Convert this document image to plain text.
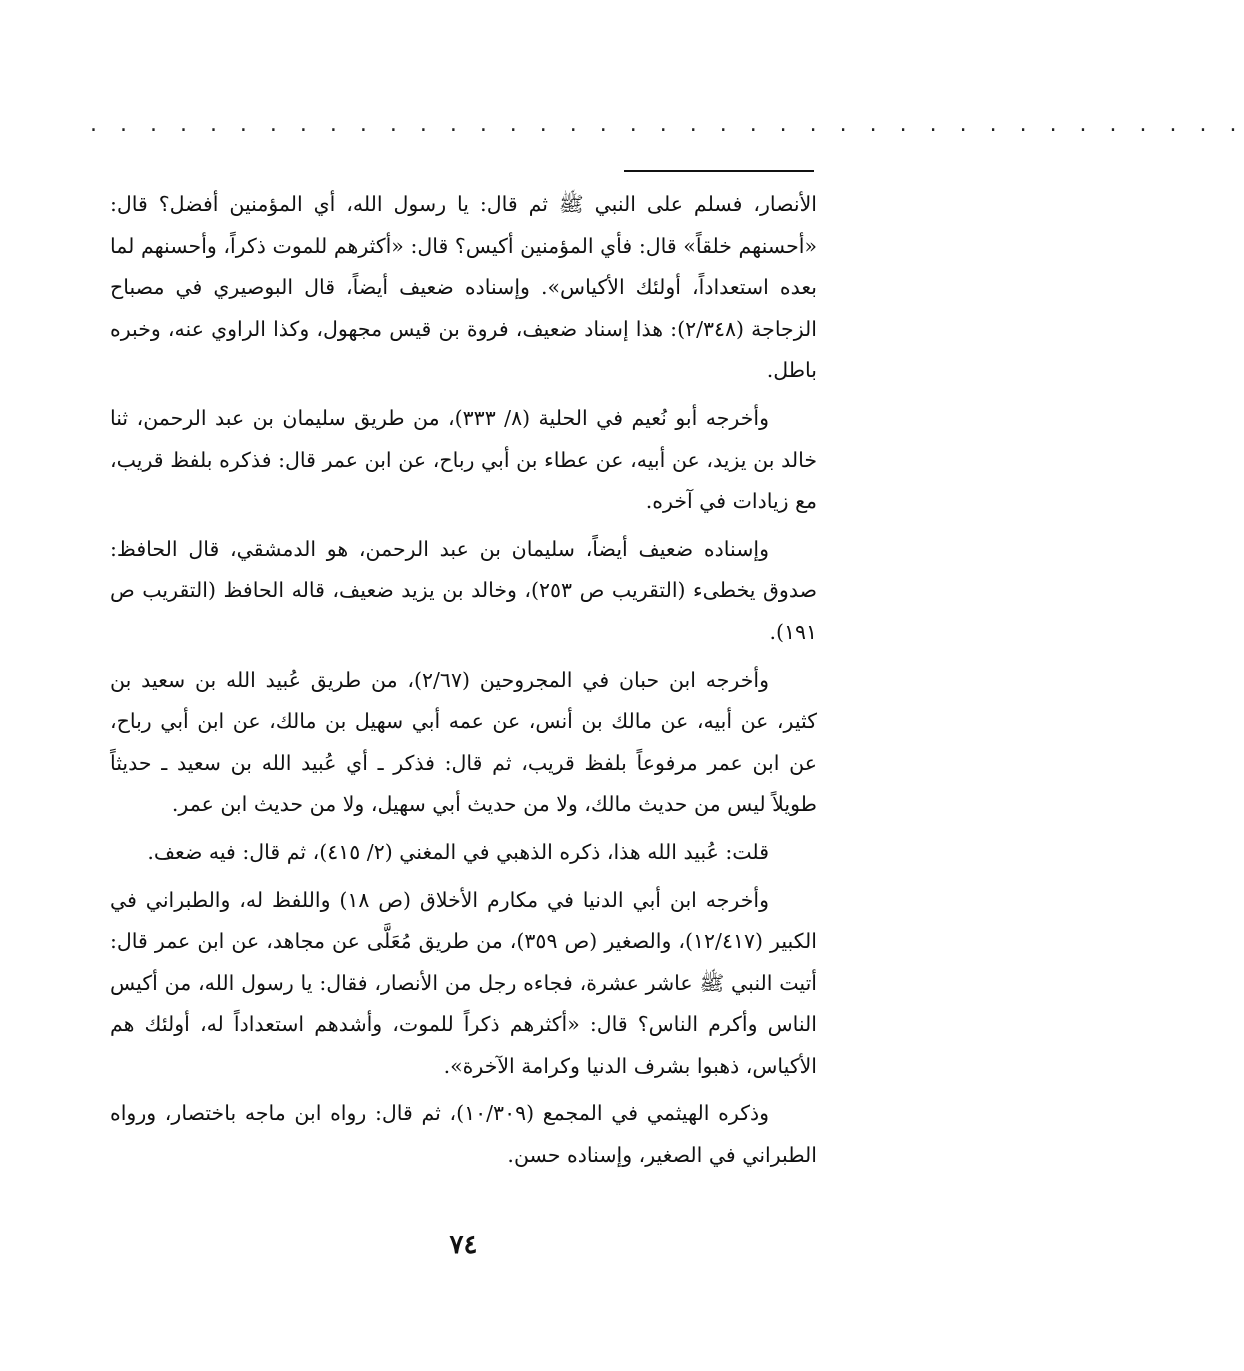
. . . . . . . . . . . . . . . . . . . . . . . . . . . . . . . . . . . . . . .

الأنصار، فسلم على النبي ﷺ ثم قال: يا رسول الله، أي المؤمنين أفضل؟ قال: «أحسنهم خلقاً» قال: فأي المؤمنين أكيس؟ قال: «أكثرهم للموت ذكراً، وأحسنهم لما بعده استعداداً، أولئك الأكياس». وإسناده ضعيف أيضاً، قال البوصيري في مصباح الزجاجة (٢/٣٤٨): هذا إسناد ضعيف، فروة بن قيس مجهول، وكذا الراوي عنه، وخبره باطل.

وأخرجه أبو نُعيم في الحلية (٨/ ٣٣٣)، من طريق سليمان بن عبد الرحمن، ثنا خالد بن يزيد، عن أبيه، عن عطاء بن أبي رباح، عن ابن عمر قال: فذكره بلفظ قريب، مع زيادات في آخره.

وإسناده ضعيف أيضاً، سليمان بن عبد الرحمن، هو الدمشقي، قال الحافظ: صدوق يخطىء (التقريب ص ٢٥٣)، وخالد بن يزيد ضعيف، قاله الحافظ (التقريب ص ١٩١).

وأخرجه ابن حبان في المجروحين (٢/٦٧)، من طريق عُبيد الله بن سعيد بن كثير، عن أبيه، عن مالك بن أنس، عن عمه أبي سهيل بن مالك، عن ابن أبي رباح، عن ابن عمر مرفوعاً بلفظ قريب، ثم قال: فذكر ـ أي عُبيد الله بن سعيد ـ حديثاً طويلاً ليس من حديث مالك، ولا من حديث أبي سهيل، ولا من حديث ابن عمر.

قلت: عُبيد الله هذا، ذكره الذهبي في المغني (٢/ ٤١٥)، ثم قال: فيه ضعف.

وأخرجه ابن أبي الدنيا في مكارم الأخلاق (ص ١٨) واللفظ له، والطبراني في الكبير (١٢/٤١٧)، والصغير (ص ٣٥٩)، من طريق مُعَلَّى عن مجاهد، عن ابن عمر قال: أتيت النبي ﷺ عاشر عشرة، فجاءه رجل من الأنصار، فقال: يا رسول الله، من أكيس الناس وأكرم الناس؟ قال: «أكثرهم ذكراً للموت، وأشدهم استعداداً له، أولئك هم الأكياس، ذهبوا بشرف الدنيا وكرامة الآخرة».

وذكره الهيثمي في المجمع (١٠/٣٠٩)، ثم قال: رواه ابن ماجه باختصار، ورواه الطبراني في الصغير، وإسناده حسن.

٧٤
